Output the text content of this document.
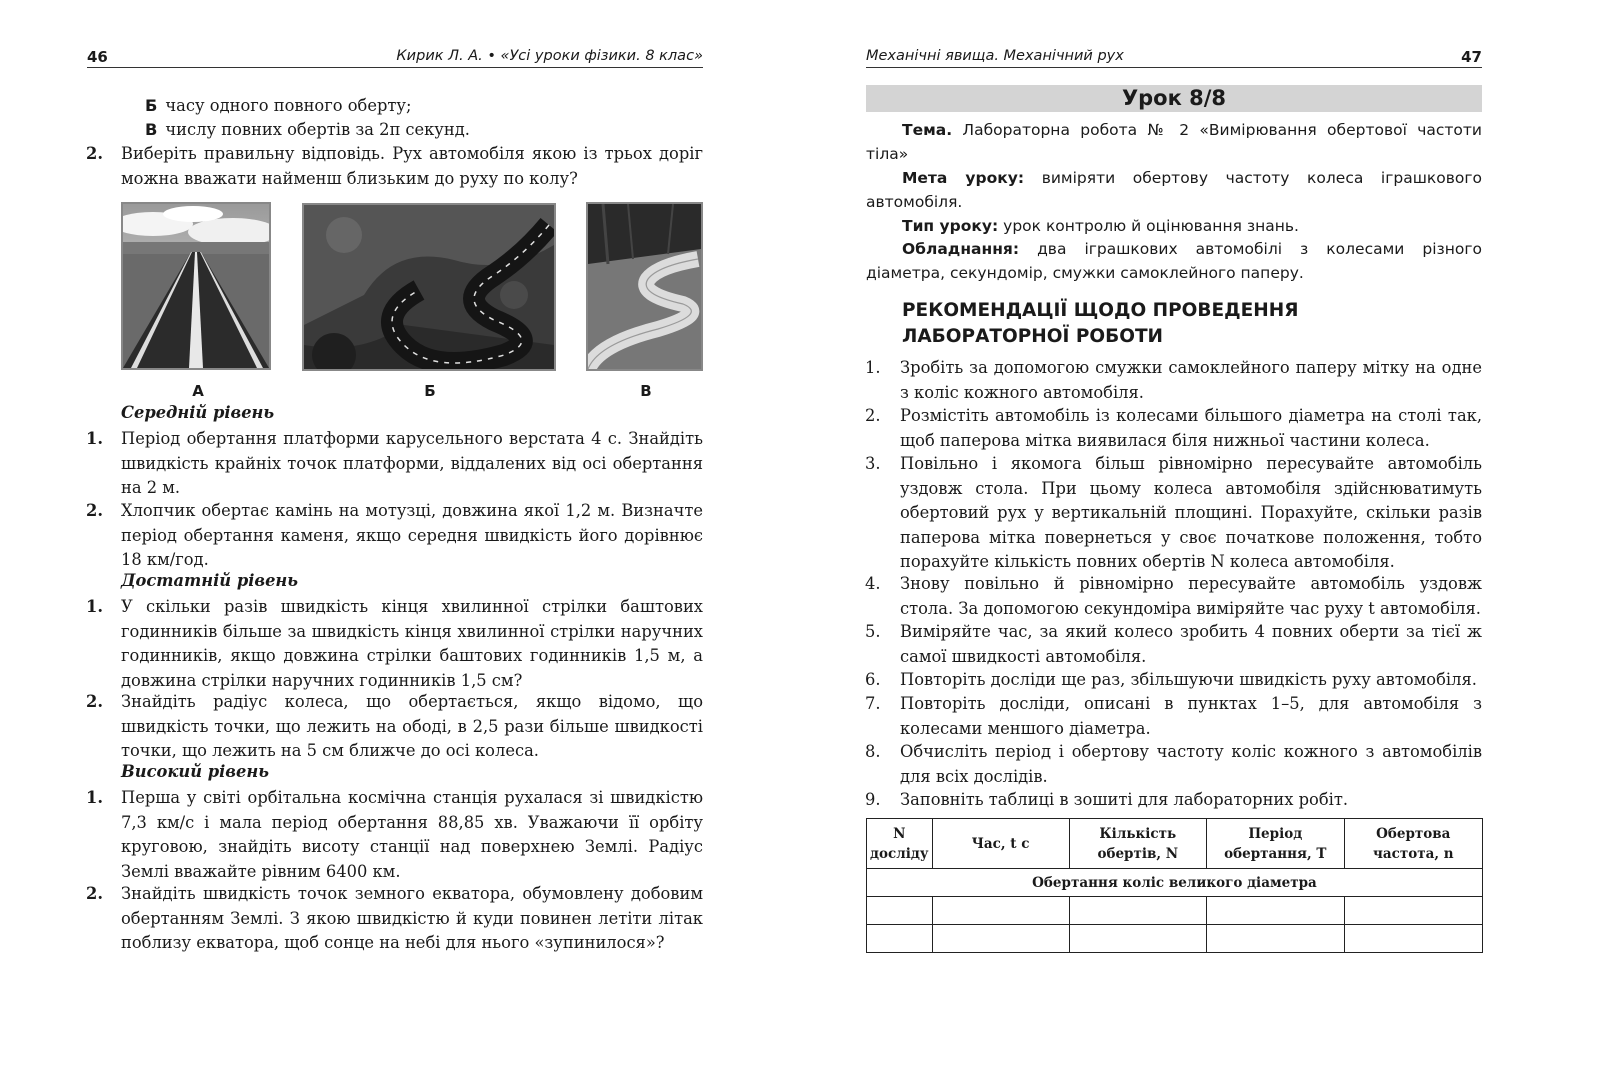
46	Кирик Л. А. • «Усі уроки фізики. 8 клас»
Б часу одного повного оберту;
В числу повних обертів за 2π секунд.
2. Виберіть правильну відповідь. Рух автомобіля якою із трьох доріг можна вважати найменш близьким до руху по колу?
А	Б	В
Середній рівень
1. Період обертання платформи карусельного верстата 4 с. Знайдіть швидкість крайніх точок платформи, віддалених від осі обертання на 2 м.
2. Хлопчик обертає камінь на мотузці, довжина якої 1,2 м. Визначте період обертання каменя, якщо середня швидкість його дорівнює 18 км/год.
Достатній рівень
1. У скільки разів швидкість кінця хвилинної стрілки баштових годинників більше за швидкість кінця хвилинної стрілки наручних годинників, якщо довжина стрілки баштових годинників 1,5 м, а довжина стрілки наручних годинників 1,5 см?
2. Знайдіть радіус колеса, що обертається, якщо відомо, що швидкість точки, що лежить на ободі, в 2,5 рази більше швидкості точки, що лежить на 5 см ближче до осі колеса.
Високий рівень
1. Перша у світі орбітальна космічна станція рухалася зі швидкістю 7,3 км/с і мала період обертання 88,85 хв. Уважаючи її орбіту круговою, знайдіть висоту станції над поверхнею Землі. Радіус Землі вважайте рівним 6400 км.
2. Знайдіть швидкість точок земного екватора, обумовлену добовим обертанням Землі. З якою швидкістю й куди повинен летіти літак поблизу екватора, щоб сонце на небі для нього «зупинилося»?
Механічні явища. Механічний рух	47
Урок 8/8
Тема. Лабораторна робота № 2 «Вимірювання обертової частоти тіла»
Мета уроку: виміряти обертову частоту колеса іграшкового автомобіля.
Тип уроку: урок контролю й оцінювання знань.
Обладнання: два іграшкових автомобілі з колесами різного діаметра, секундомір, смужки самоклейного паперу.
РЕКОМЕНДАЦІЇ ЩОДО ПРОВЕДЕННЯ
ЛАБОРАТОРНОЇ РОБОТИ
1. Зробіть за допомогою смужки самоклейного паперу мітку на одне з коліс кожного автомобіля.
2. Розмістіть автомобіль із колесами більшого діаметра на столі так, щоб паперова мітка виявилася біля нижньої частини колеса.
3. Повільно і якомога більш рівномірно пересувайте автомобіль уздовж стола. При цьому колеса автомобіля здійснюватимуть обертовий рух у вертикальній площині. Порахуйте, скільки разів паперова мітка повернеться у своє початкове положення, тобто порахуйте кількість повних обертів N колеса автомобіля.
4. Знову повільно й рівномірно пересувайте автомобіль уздовж стола. За допомогою секундоміра виміряйте час руху t автомобіля.
5. Виміряйте час, за який колесо зробить 4 повних оберти за тієї ж самої швидкості автомобіля.
6. Повторіть досліди ще раз, збільшуючи швидкість руху автомобіля.
7. Повторіть досліди, описані в пунктах 1–5, для автомобіля з колесами меншого діаметра.
8. Обчисліть період і обертову частоту коліс кожного з автомобілів для всіх дослідів.
9. Заповніть таблиці в зошиті для лабораторних робіт.
N досліду	Час, t с	Кількість обертів, N	Період обертання, T	Обертова частота, n
Обертання коліс великого діаметра				
